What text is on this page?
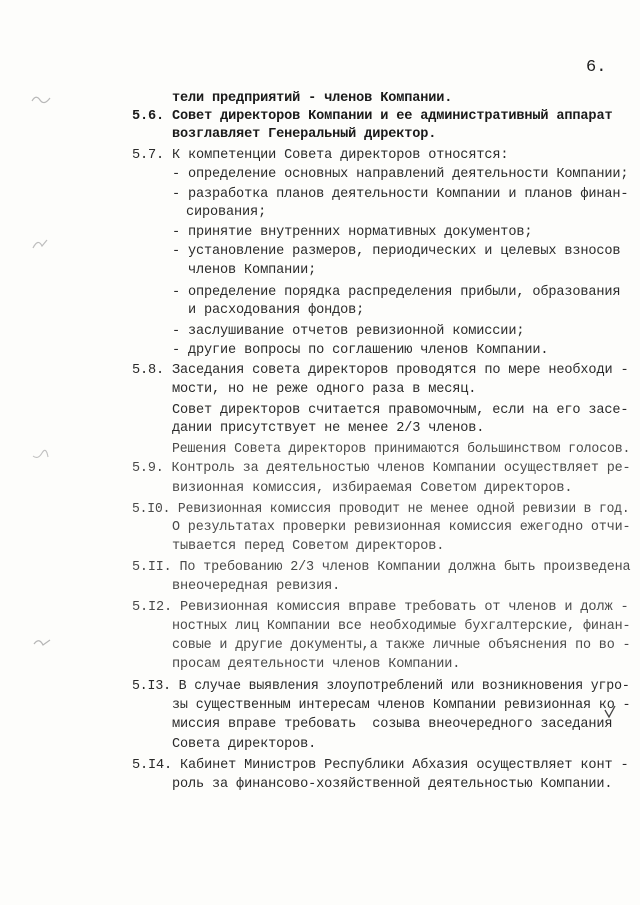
6.
тели предприятий - членов Компании.
5.6. Совет директоров Компании и ее административный аппарат
возглавляет Генеральный директор.
5.7. К компетенции Совета директоров относятся:
- определение основных направлений деятельности Компании;
- разработка планов деятельности Компании и планов финан-
сирования;
- принятие внутренних нормативных документов;
- установление размеров, периодических и целевых взносов
членов Компании;
- определение порядка распределения прибыли, образования
и расходования фондов;
- заслушивание отчетов ревизионной комиссии;
- другие вопросы по соглашению членов Компании.
5.8. Заседания совета директоров проводятся по мере необходи -
мости, но не реже одного раза в месяц.
Совет директоров считается правомочным, если на его засе-
дании присутствует не менее 2/3 членов.
Решения Совета директоров принимаются большинством голосов.
5.9. Контроль за деятельностью членов Компании осуществляет ре-
визионная комиссия, избираемая Советом директоров.
5.I0. Ревизионная комиссия проводит не менее одной ревизии в год.
О результатах проверки ревизионная комиссия ежегодно отчи-
тывается перед Советом директоров.
5.II. По требованию 2/3 членов Компании должна быть произведена
внеочередная ревизия.
5.I2. Ревизионная комиссия вправе требовать от членов и долж -
ностных лиц Компании все необходимые бухгалтерские, финан-
совые и другие документы,а также личные объяснения по во -
просам деятельности членов Компании.
5.I3. В случае выявления злоупотреблений или возникновения угро-
зы существенным интересам членов Компании ревизионная ко -
миссия вправе требовать  созыва внеочередного заседания
Совета директоров.
5.I4. Кабинет Министров Республики Абхазия осуществляет конт -
роль за финансово-хозяйственной деятельностью Компании.
